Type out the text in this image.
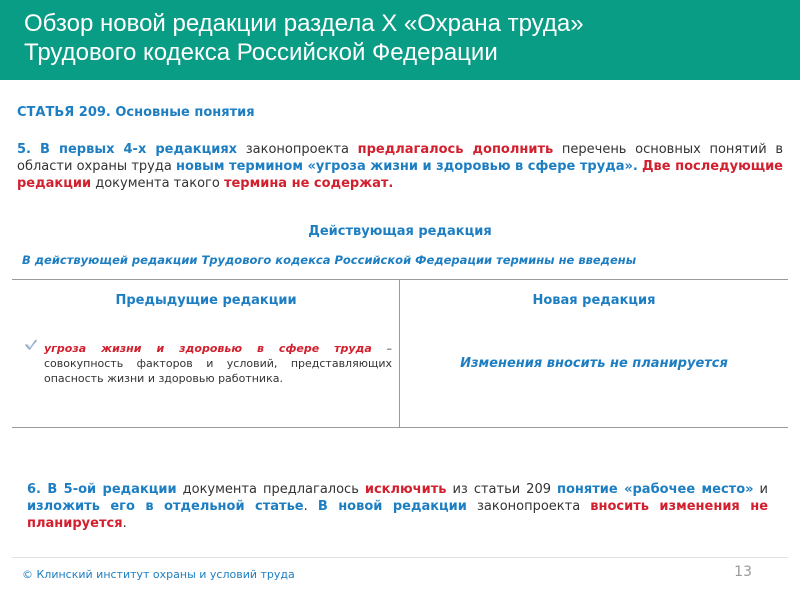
Обзор новой редакции раздела X «Охрана труда»
Трудового кодекса Российской Федерации
СТАТЬЯ 209. Основные понятия
5. В первых 4-х редакциях законопроекта предлагалось дополнить перечень основных понятий в области охраны труда новым термином «угроза жизни и здоровью в сфере труда». Две последующие редакции документа такого термина не содержат.
Действующая редакция
В действующей редакции Трудового кодекса Российской Федерации термины не введены
Предыдущие редакции	Новая редакция
угроза жизни и здоровью в сфере труда – совокупность факторов и условий, представляющих опасность жизни и здоровью работника.
Изменения вносить не планируется
6. В 5-ой редакции документа предлагалось исключить из статьи 209 понятие «рабочее место» и изложить его в отдельной статье. В новой редакции законопроекта вносить изменения не планируется.
© Клинский институт охраны и условий труда	13
